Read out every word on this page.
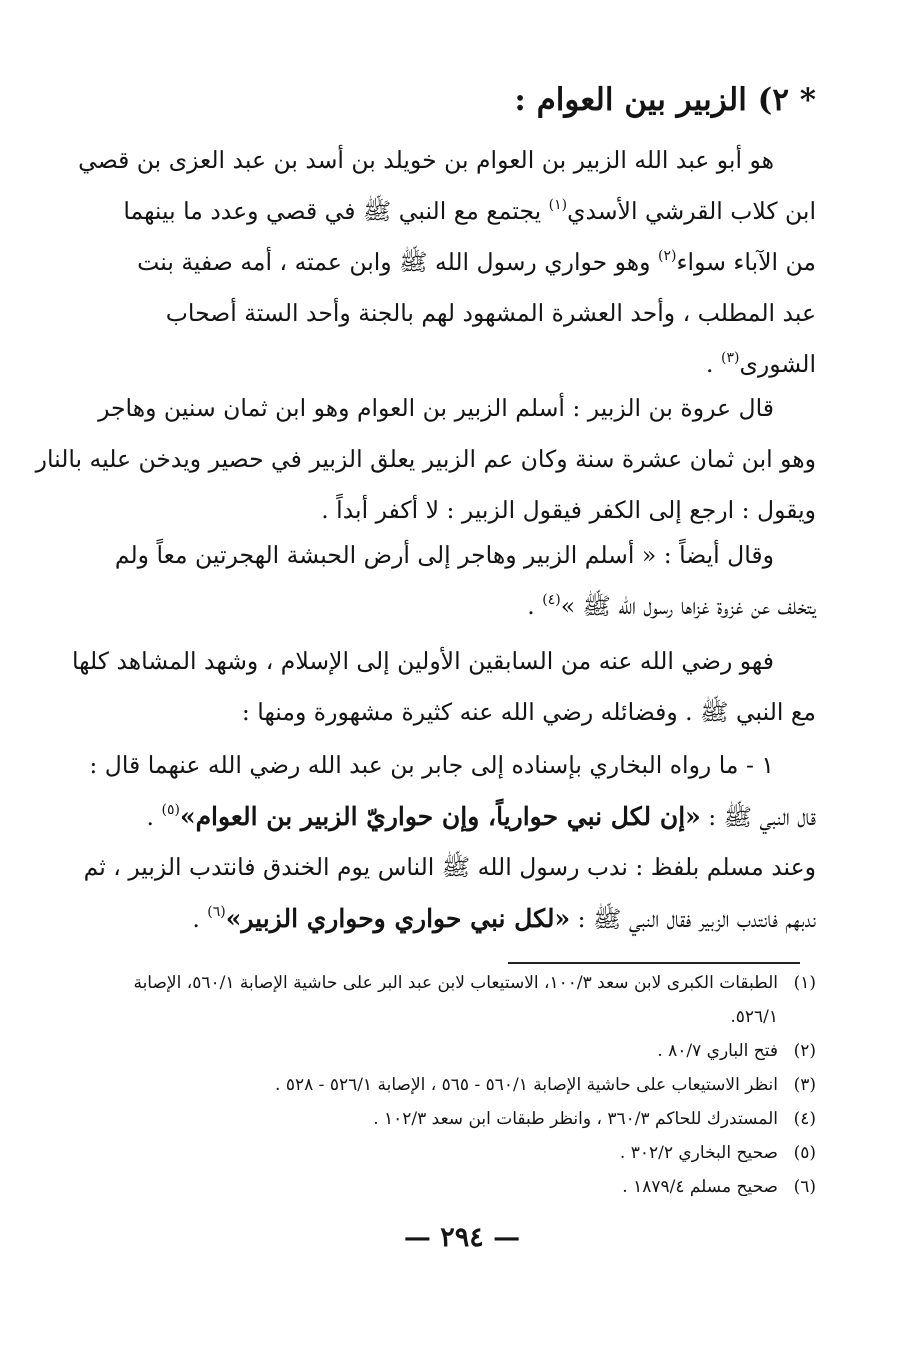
* ٢) الزبير بين العوام :
هو أبو عبد الله الزبير بن العوام بن خويلد بن أسد بن عبد العزى بن قصي
ابن كلاب القرشي الأسدي$^{(١)}$ يجتمع مع النبي ﷺ في قصي وعدد ما بينهما
من الآباء سواء$^{(٢)}$ وهو حواري رسول الله ﷺ وابن عمته ، أمه صفية بنت
عبد المطلب ، وأحد العشرة المشهود لهم بالجنة وأحد الستة أصحاب
الشورى$^{(٣)}$ .
قال عروة بن الزبير : أسلم الزبير بن العوام وهو ابن ثمان سنين وهاجر
وهو ابن ثمان عشرة سنة وكان عم الزبير يعلق الزبير في حصير ويدخن عليه بالنار
ويقول : ارجع إلى الكفر فيقول الزبير : لا أكفر أبداً .
وقال أيضاً : « أسلم الزبير وهاجر إلى أرض الحبشة الهجرتين معاً ولم
يتخلف عن غزوة غزاها رسول الله ﷺ »$^{(٤)}$ .
فهو رضي الله عنه من السابقين الأولين إلى الإسلام ، وشهد المشاهد كلها
مع النبي ﷺ . وفضائله رضي الله عنه كثيرة مشهورة ومنها :
١ - ما رواه البخاري بإسناده إلى جابر بن عبد الله رضي الله عنهما قال :
قال النبي ﷺ : «إن لكل نبي حوارياً، وإن حواريّ الزبير بن العوام»$^{(٥)}$ .
وعند مسلم بلفظ : ندب رسول الله ﷺ الناس يوم الخندق فانتدب الزبير ، ثم
ندبهم فانتدب الزبير فقال النبي ﷺ : «لكل نبي حواري وحواري الزبير»$^{(٦)}$ .
(١)الطبقات الكبرى لابن سعد ١٠٠/٣، الاستيعاب لابن عبد البر على حاشية الإصابة ٥٦٠/١، الإصابة
٥٢٦/١.
(٢)فتح الباري ٨٠/٧ .
(٣)انظر الاستيعاب على حاشية الإصابة ٥٦٠/١ - ٥٦٥ ، الإصابة ٥٢٦/١ - ٥٢٨ .
(٤)المستدرك للحاكم ٣٦٠/٣ ، وانظر طبقات ابن سعد ١٠٢/٣ .
(٥)صحيح البخاري ٣٠٢/٢ .
(٦)صحيح مسلم ١٨٧٩/٤ .
— ٢٩٤ —
